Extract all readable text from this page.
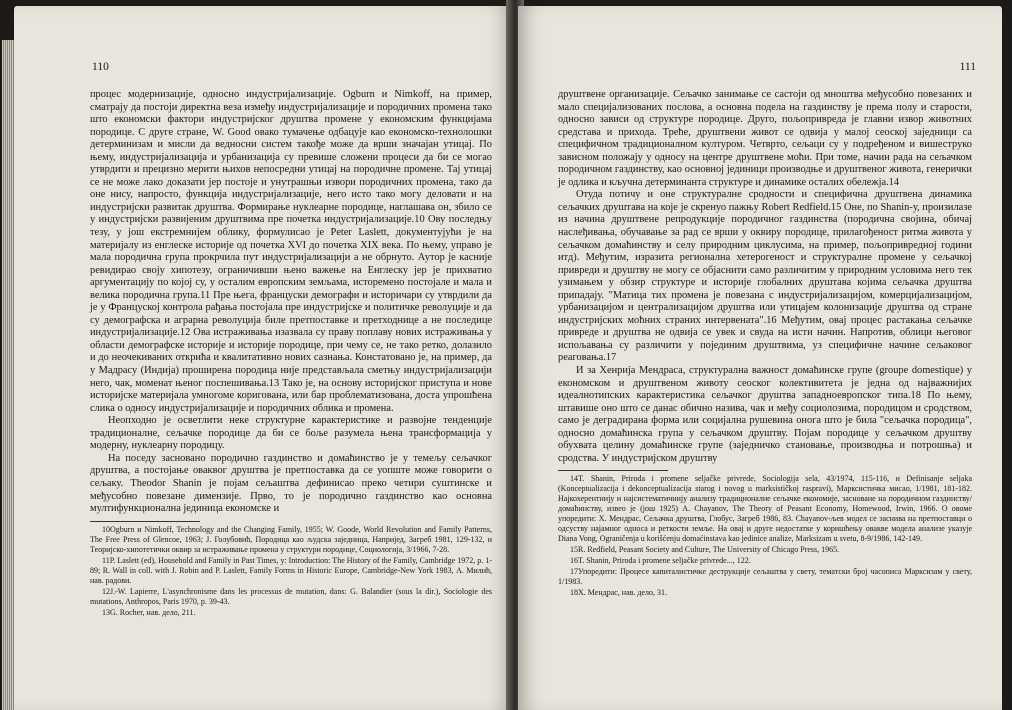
110

процес модернизације, односно индустријализације. Ogburn и Nimkoff, на пример, сматрају да постоји директна веза између индустријализације и породичних промена тако што економски фактори индустријског друштва промене у економским функцијама породице. С друге стране, W. Good овако тумачење одбацује као економско-технолошки детерминизам и мисли да ведносни систем такође може да врши значајан утицај. По њему, индустријализација и урбанизација су превише сложени процеси да би се могао утврдити и прецизно мерити њихов непосредни утицај на породичне промене. Тај утицај се не може лако доказати јер постоје и унутрашњи извори породичних промена, тако да оне нису, напросто, функција индустријализације, него исто тако могу деловати и на индустријски развитак друштва. Формирање нуклеарне породице, наглашава он, збило се у индустријски развијеним друштвима пре почетка индустријализације.10 Ову последњу тезу, у још екстремнијем облику, формулисао је Peter Laslett, документујући је на материјалу из енглеске историје од почетка XVI до почетка XIX века. По њему, управо је мала породична група прокрчила пут индустријализацији а не обрнуто. Аутор је касније ревидирао своју хипотезу, ограничивши њено важење на Енглеску јер је прихватио аргументацију по којој су, у осталим европским земљама, исторемено постојале и мала и велика породична група.11 Пре њега, француски демографи и историчари су утврдили да је у Француској контрола рађања постојала пре индустријске и политичке револуције и да су демографска и аграрна револуција биле претпоставке и претходнице а не последице индустријализације.12 Ова истраживања изазвала су праву поплаву нових истраживања у области демографске историје и историје породице, при чему се, не тако ретко, долазило и до неочекиваних открића и квалитативно нових сазнања. Констатовано је, на пример, да у Мадрасу (Индија) проширена породица није представљала сметњу индустријализацији него, чак, моменат њеног поспешивања.13 Тако је, на основу историјског приступа и нове историјске материјала умногоме коригована, или бар проблематизована, доста упрошћена слика о односу индустријализације и породичних облика и промена.

Неопходно је осветлити неке структурне карактеристике и развојне тенденције традиционалне, сељачке породице да би се боље разумела њена трансформација у модерну, нуклеарну породицу.

На поседу засновано породично газдинство и домаћинство је у темељу сељачког друштва, а постојање оваквог друштва је претпоставка да се уопште може говорити о сељаку. Theodor Shanin је појам сељаштва дефинисао преко четири суштинске и међусобно повезане димензије. Прво, то је породично газдинство као основна мултифункционална јединица економске и

10Ogburn и Nimkoff, Technology and the Changing Family, 1955; W. Goode, World Revolution and Family Patterns, The Free Press of Glencoe, 1963; Ј. Голубовић, Породица као људска заједница, Напријед, Загреб 1981, 129-132, и Теоријско-хипотетички оквир за истраживање промена у структури породице, Социологија, 3/1966, 7-28.

11P. Laslett (ed), Household and Family in Past Times, у: Introduction: The History of the Family, Cambridge 1972, p. 1-89; R. Wall in coll. with J. Robin and P. Laslett, Family Forms in Historic Europe, Cambridge-New York 1983, А. Милић, нав. радови.

12J.-W. Lapierre, L'asynchronisme dans les processus de mutation, dans: G. Balandier (sous la dir.), Sociologie des mutations, Anthropos, Paris 1970, p. 39-43.

13G. Rocher, нав. дело, 211.

111

друштвене организације. Сељачко занимање се састоји од мноштва међусобно повезаних и мало специјализованих послова, а основна подела на газдинству је према полу и старости, односно зависи од структуре породице. Друго, пољопривреда је главни извор животних средстава и прихода. Треће, друштвени живот се одвија у малој сеоској заједници са специфичном традиционалном културом. Четврто, сељаци су у подређеном и вишеструко зависном положају у односу на центре друштвене моћи. При томе, начин рада на сељачком породичном газдинству, као основној јединици производње и друштвеног живота, генерички је одлика и кључна детерминанта структуре и динамике осталих обележја.14

Отуда потичу и оне структуралне сродности и специфична друштвена динамика сељачких друштава на које је скренуо пажњу Robert Redfield.15 Оне, по Shanin-у, произилазе из начина друштвене репродукције породичног газдинства (породична својина, обичај наслеђивања, обучавање за рад се врши у оквиру породице, прилагођеност ритма живота у сељачком домаћинству и селу природним циклусима, на пример, пољопривредној години итд). Међутим, изразита регионална хетерогеност и структуралне промене у сељачкој привреди и друштву не могу се објаснити само различитим у природним условима него тек узимањем у обзир структуре и историје глобалних друштава којима сељачка друштва припадају. "Матица тих промена је повезана с индустријализацијом, комерцијализацијом, урбанизацијом и централизацијом друштва или утицајем колонизације друштва од стране индустријских моћних страних интервената".16 Међутим, овај процес растакања сељачке привреде и друштва не одвија се увек и свуда на исти начин. Напротив, облици његовог испољавања су различити у појединим друштвима, уз специфичне начине сељаковог реаговања.17

И за Хенрија Мендраса, структурална важност домаћинске групе (groupe domestique) у економском и друштвеном животу сеоског колективитета је једна од најважнијих идеалнотипских карактеристика сељачког друштва западноевропског типа.18 По њему, штавише оно што се данас обично назива, чак и међу социолозима, породицом и сродством, само је деградирана форма или социјална рушевина онога што је била "сељачка породица", односно домаћинска група у сељачком друштву. Појам породице у сељачком друштву обухвата целину домаћинске групе (заједничко становање, производња и потрошња) и сродства. У индустријском друштву

14T. Shanin, Priroda i promene seljačke privrede, Sociologija sela, 43/1974, 115-116, и Definisanje seljaka (Konceptualizacija i dekonceptualizacija starog i novog u marksističkoj raspravi), Марксистичка мисао, 1/1981, 181-182. Најкохерентнију и најсистематичнију анализу традиционалне сељачке економије, засноване на породичном газдинству/домаћинству, извео је (још 1925) А. Chayanov, The Theory of Peasant Economy, Homewood, Irwin, 1966. О овоме упоредити: Х. Мендрас, Сељачка друштва, Глобус, Загреб 1986, 83. Chayanov-љев модел се заснива на претпоставци о одсуству најамног односа и реткости земље. На овај и друге недостатке у коришћењу овакве модела анализе указује Diana Vong, Ograničenja u korišćenju domaćinstava kao jedinice analize, Marksizam u svetu, 8-9/1986, 142-149.

15R. Redfield, Peasant Society and Culture, The University of Chicago Press, 1965.

16T. Shanin, Priroda i promene seljačke privrede..., 122.

17Упоредити: Процесе капиталистичке деструкције сељаштва у свету, тематски број часописа Марксизам у свету, 1/1983.

18Х. Мендрас, нав. дело, 31.
